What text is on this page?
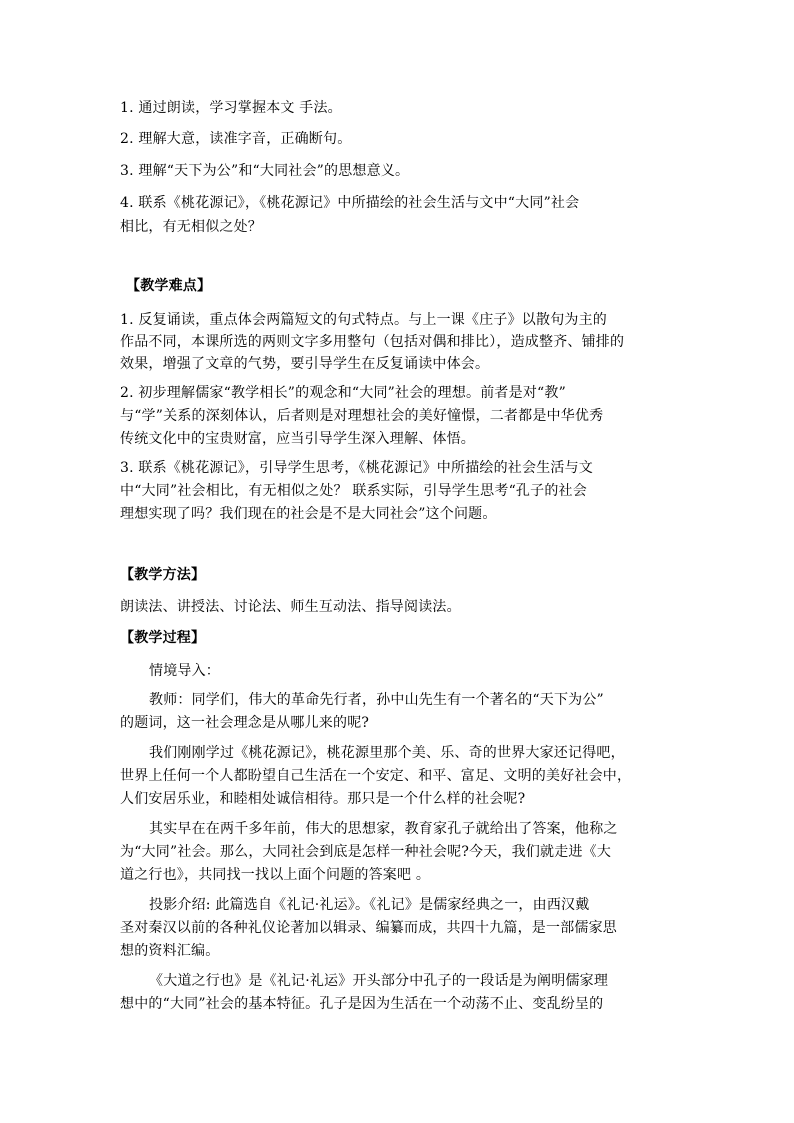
1. 通过朗读，学习掌握本文 手法。
2. 理解大意，读准字音，正确断句。
3. 理解“天下为公”和“大同社会”的思想意义。
4. 联系《桃花源记》，《桃花源记》中所描绘的社会生活与文中“大同”社会
相比，有无相似之处？
【教学难点】
1. 反复诵读，重点体会两篇短文的句式特点。与上一课《庄子》以散句为主的
作品不同，本课所选的两则文字多用整句（包括对偶和排比），造成整齐、铺排的
效果，增强了文章的气势，要引导学生在反复诵读中体会。
2. 初步理解儒家“教学相长”的观念和“大同”社会的理想。前者是对“教”
与“学”关系的深刻体认，后者则是对理想社会的美好憧憬，二者都是中华优秀
传统文化中的宝贵财富，应当引导学生深入理解、体悟。
3. 联系《桃花源记》，引导学生思考，《桃花源记》中所描绘的社会生活与文
中“大同”社会相比，有无相似之处？ 联系实际，引导学生思考“孔子的社会
理想实现了吗？我们现在的社会是不是大同社会”这个问题。
【教学方法】
朗读法、讲授法、讨论法、师生互动法、指导阅读法。
【教学过程】
情境导入：
教师：同学们，伟大的革命先行者，孙中山先生有一个著名的“天下为公”
的题词，这一社会理念是从哪儿来的呢?
我们刚刚学过《桃花源记》，桃花源里那个美、乐、奇的世界大家还记得吧，
世界上任何一个人都盼望自己生活在一个安定、和平、富足、文明的美好社会中，
人们安居乐业，和睦相处诚信相待。那只是一个什么样的社会呢?
其实早在在两千多年前，伟大的思想家，教育家孔子就给出了答案，他称之
为“大同”社会。那么，大同社会到底是怎样一种社会呢?今天，我们就走进《大
道之行也》，共同找一找以上面个问题的答案吧 。
投影介绍: 此篇选自《礼记·礼运》。《礼记》是儒家经典之一，由西汉戴
圣对秦汉以前的各种礼仪论著加以辑录、编纂而成，共四十九篇，是一部儒家思
想的资料汇编。
《大道之行也》是《礼记·礼运》开头部分中孔子的一段话是为阐明儒家理
想中的“大同”社会的基本特征。孔子是因为生活在一个动荡不止、变乱纷呈的
